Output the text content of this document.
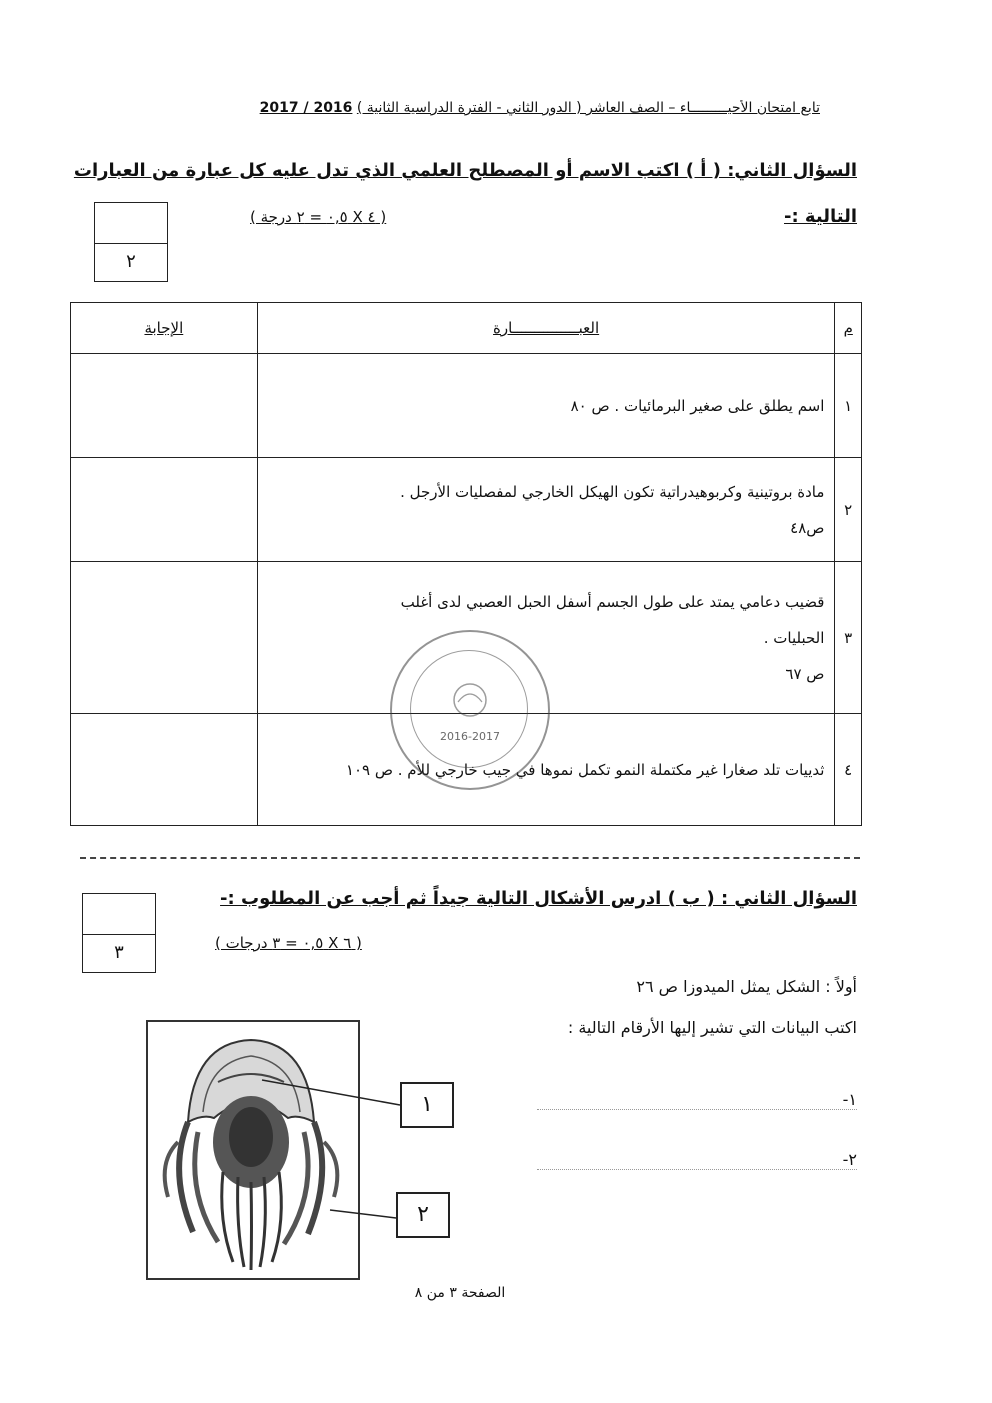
تابع امتحان الأحيـــــــــاء – الصف العاشر ( الدور الثاني - الفترة الدراسية الثانية ) 2017 / 2016
السؤال الثاني: ( أ ) اكتب الاسم أو المصطلح العلمي الذي تدل عليه كل عبارة من العبارات
التالية :-
( ٤ X ٠,٥ = ٢ درجة )
٢
م	العبـــــــــــــــارة	الإجابة
١	اسم يطلق على صغير البرمائيات . ص ٨٠	

٢	مادة بروتينية وكربوهيدراتية تكون الهيكل الخارجي لمفصليات الأرجل .
ص٤٨	

٣	قضيب دعامي يمتد على طول الجسم أسفل الحبل العصبي لدى أغلب
الحبليات .
ص ٦٧	

٤	ثدييات تلد صغارا غير مكتملة النمو تكمل نموها في جيب خارجي للأم . ص ١٠٩	

2016-2017
السؤال الثاني : ( ب ) ادرس الأشكال التالية جيداً ثم أجب عن المطلوب :-
( ٦ X ٠,٥ = ٣ درجات )
٣
أولاً : الشكل يمثل الميدوزا ص ٢٦
اكتب البيانات التي تشير إليها الأرقام التالية :
١-
٢-
١
٢
الصفحة ٣ من ٨
